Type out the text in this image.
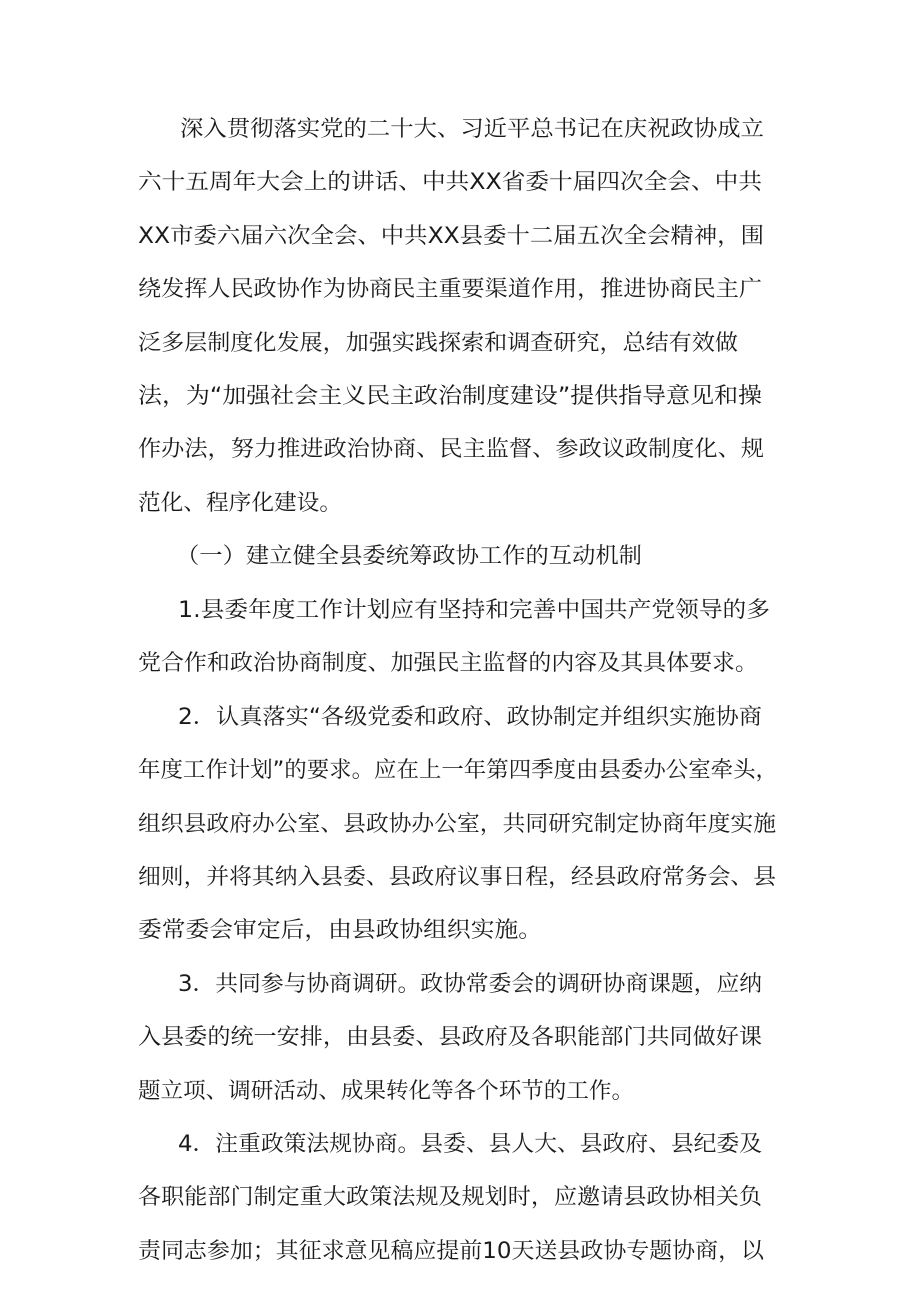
深入贯彻落实党的二十大、习近平总书记在庆祝政协成立
六十五周年大会上的讲话、中共XX省委十届四次全会、中共
XX市委六届六次全会、中共XX县委十二届五次全会精神，围
绕发挥人民政协作为协商民主重要渠道作用，推进协商民主广
泛多层制度化发展，加强实践探索和调查研究，总结有效做
法，为“加强社会主义民主政治制度建设”提供指导意见和操
作办法，努力推进政治协商、民主监督、参政议政制度化、规
范化、程序化建设。
（一）建立健全县委统筹政协工作的互动机制
1.县委年度工作计划应有坚持和完善中国共产党领导的多
党合作和政治协商制度、加强民主监督的内容及其具体要求。
2．认真落实“各级党委和政府、政协制定并组织实施协商
年度工作计划”的要求。应在上一年第四季度由县委办公室牵头，
组织县政府办公室、县政协办公室，共同研究制定协商年度实施
细则，并将其纳入县委、县政府议事日程，经县政府常务会、县
委常委会审定后，由县政协组织实施。
3．共同参与协商调研。政协常委会的调研协商课题，应纳
入县委的统一安排，由县委、县政府及各职能部门共同做好课
题立项、调研活动、成果转化等各个环节的工作。
4．注重政策法规协商。县委、县人大、县政府、县纪委及
各职能部门制定重大政策法规及规划时，应邀请县政协相关负
责同志参加；其征求意见稿应提前10天送县政协专题协商，以
